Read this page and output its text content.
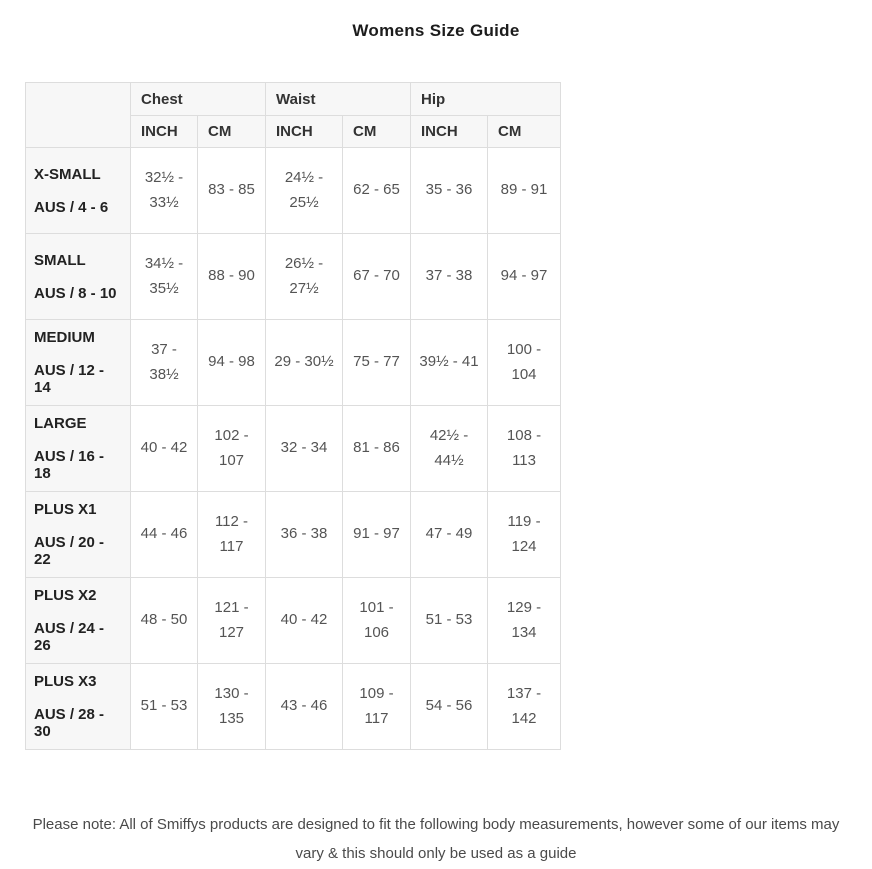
Womens Size Guide
	Chest		Waist		Hip	
	INCH	CM	INCH	CM	INCH	CM

X-SMALL

AUS / 4 - 6	32½ - 33½	83 - 85	24½ - 25½	62 - 65	35 - 36	89 - 91

SMALL

AUS / 8 - 10	34½ - 35½	88 - 90	26½ - 27½	67 - 70	37 - 38	94 - 97

MEDIUM

AUS / 12 - 14	37 - 38½	94 - 98	29 - 30½	75 - 77	39½ - 41	100 - 104

LARGE

AUS / 16 - 18	40 - 42	102 - 107	32 - 34	81 - 86	42½ - 44½	108 - 113

PLUS X1

AUS / 20 - 22	44 - 46	112 - 117	36 - 38	91 - 97	47 - 49	119 - 124

PLUS X2

AUS / 24 - 26	48 - 50	121 - 127	40 - 42	101 - 106	51 - 53	129 - 134

PLUS X3

AUS / 28 - 30	51 - 53	130 - 135	43 - 46	109 - 117	54 - 56	137 - 142

Please note: All of Smiffys products are designed to fit the following body measurements, however some of our items may vary & this should only be used as a guide
